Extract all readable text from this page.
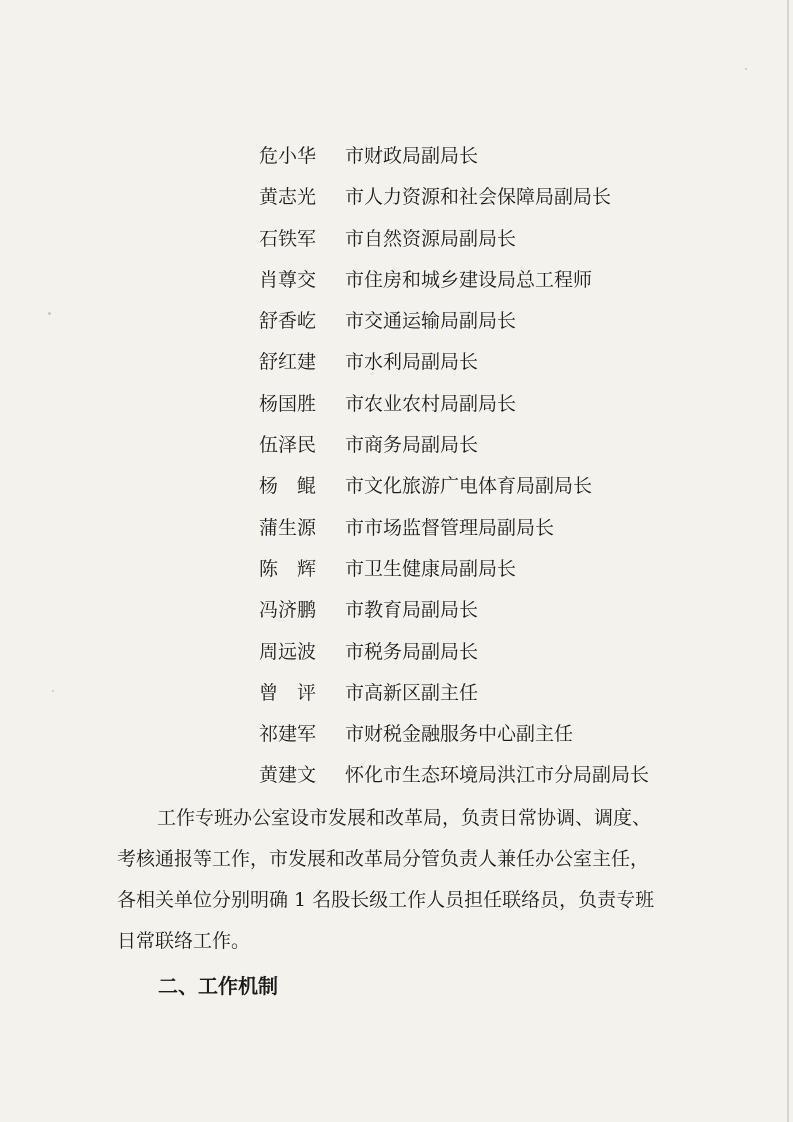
危小华 市财政局副局长
黄志光 市人力资源和社会保障局副局长
石铁军 市自然资源局副局长
肖尊交 市住房和城乡建设局总工程师
舒香屹 市交通运输局副局长
舒红建 市水利局副局长
杨国胜 市农业农村局副局长
伍泽民 市商务局副局长
杨　鲲 市文化旅游广电体育局副局长
蒲生源 市市场监督管理局副局长
陈　辉 市卫生健康局副局长
冯济鹏 市教育局副局长
周远波 市税务局副局长
曾　评 市高新区副主任
祁建军 市财税金融服务中心副主任
黄建文 怀化市生态环境局洪江市分局副局长
工作专班办公室设市发展和改革局，负责日常协调、调度、
考核通报等工作，市发展和改革局分管负责人兼任办公室主任，
各相关单位分别明确 1 名股长级工作人员担任联络员，负责专班
日常联络工作。
二、工作机制
